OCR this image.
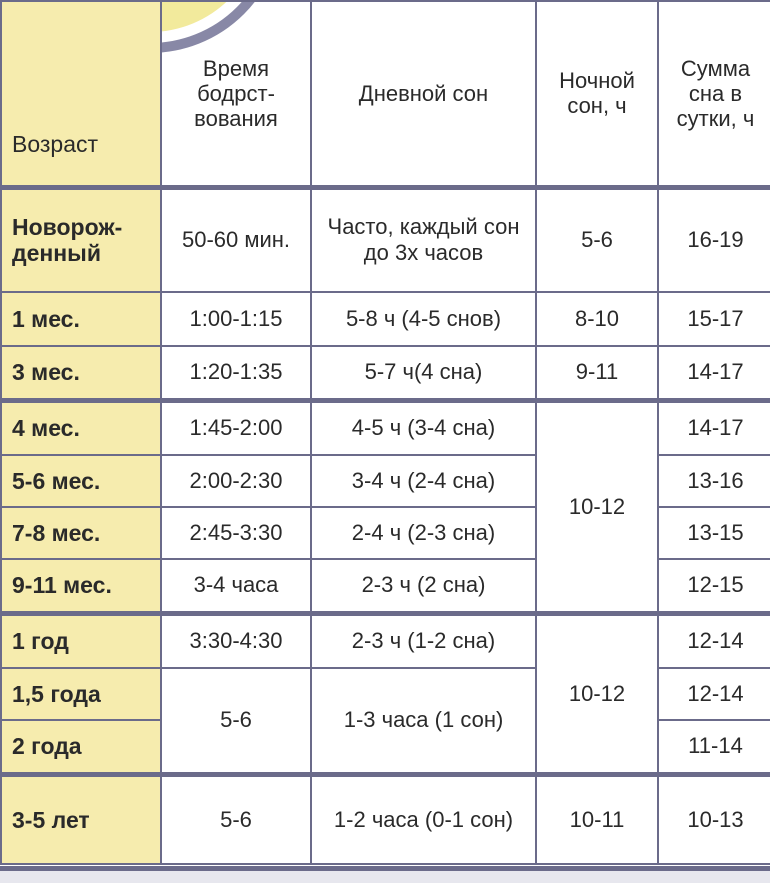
Возраст	Время бодрст-вования	Дневной сон	Ночной сон, ч	Сумма сна в сутки, ч
Новорож-денный	50-60 мин.	Часто, каждый сон до 3х часов	5-6	16-19
1 мес.	1:00-1:15	5-8 ч (4-5 снов)	8-10	15-17
3 мес.	1:20-1:35	5-7 ч(4 сна)	9-11	14-17
4 мес.	1:45-2:00	4-5 ч (3-4 сна)	10-12	14-17
5-6 мес.	2:00-2:30	3-4 ч (2-4 сна)		13-16
7-8 мес.	2:45-3:30	2-4 ч (2-3 сна)		13-15
9-11 мес.	3-4 часа	2-3 ч (2 сна)		12-15
1 год	3:30-4:30	2-3 ч (1-2 сна)	10-12	12-14
1,5 года	5-6	1-3 часа (1 сон)		12-14
2 года				11-14
3-5 лет	5-6	1-2 часа (0-1 сон)	10-11	10-13
